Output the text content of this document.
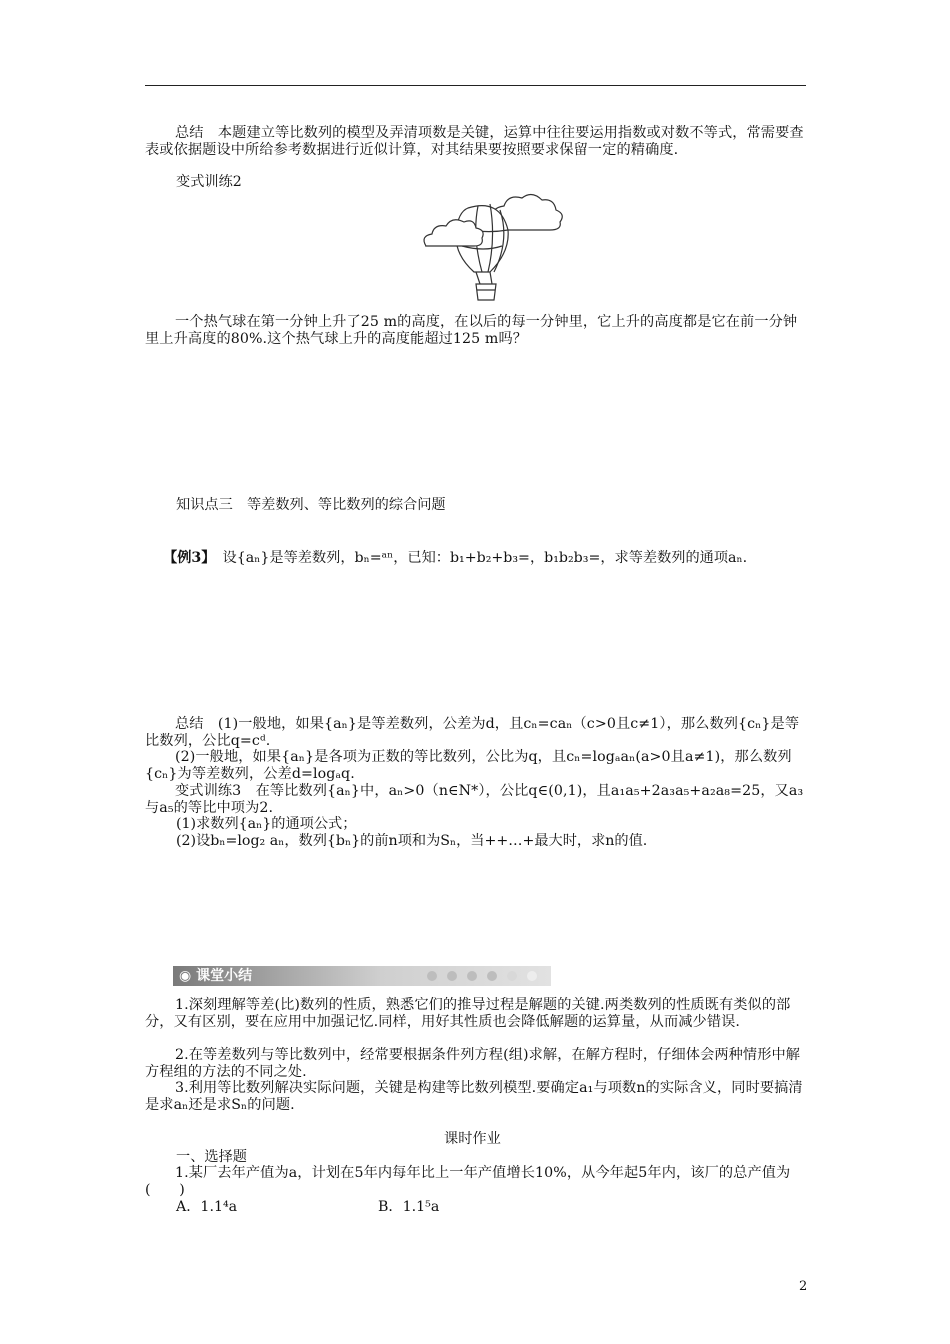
总结　 本题建立等比数列的模型及弄清项数是关键，运算中往往要运用指数或对数不等式，常需要查表或依据题设中所给参考数据进行近似计算，对其结果要按照要求保留一定的精确度.
变式训练2
一个热气球在第一分钟上升了25 m的高度，在以后的每一分钟里，它上升的高度都是它在前一分钟里上升高度的80%.这个热气球上升的高度能超过125 m吗？
知识点三　等差数列、等比数列的综合问题
【例3】　 设{aₙ}是等差数列，bₙ=ᵃⁿ，已知：b₁+b₂+b₃=，b₁b₂b₃=，求等差数列的通项aₙ.
总结　(1)一般地，如果{aₙ}是等差数列，公差为d，且cₙ=caₙ（c>0且c≠1），那么数列{cₙ}是等比数列，公比q=cᵈ.
(2)一般地，如果{aₙ}是各项为正数的等比数列，公比为q，且cₙ=logₐaₙ(a>0且a≠1)，那么数列{cₙ}为等差数列，公差d=logₐq.
变式训练3　在等比数列{aₙ}中，aₙ>0（n∈N*），公比q∈(0,1)，且a₁a₅+2a₃a₅+a₂a₈=25，又a₃与a₅的等比中项为2.
(1)求数列{aₙ}的通项公式；
(2)设bₙ=log₂ aₙ，数列{bₙ}的前n项和为Sₙ，当++…+最大时，求n的值.
◉ 课堂小结
1.深刻理解等差(比)数列的性质，熟悉它们的推导过程是解题的关键.两类数列的性质既有类似的部分，又有区别，要在应用中加强记忆.同样，用好其性质也会降低解题的运算量，从而减少错误.
2.在等差数列与等比数列中，经常要根据条件列方程(组)求解，在解方程时，仔细体会两种情形中解方程组的方法的不同之处.
3.利用等比数列解决实际问题，关键是构建等比数列模型.要确定a₁与项数n的实际含义，同时要搞清是求aₙ还是求Sₙ的问题.
课时作业
一、选择题
1.某厂去年产值为a，计划在5年内每年比上一年产值增长10%，从今年起5年内，该厂的总产值为(　　)
A．1.1⁴a	B．1.1⁵a
2
